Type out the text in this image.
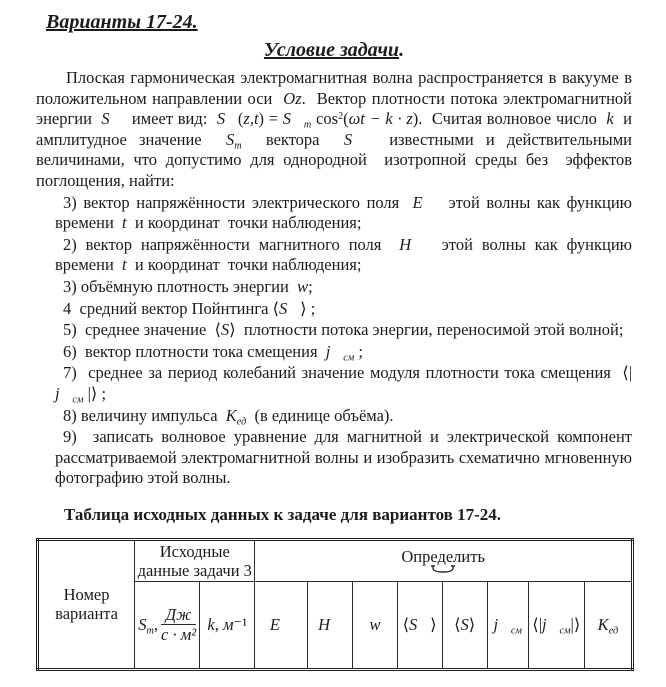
Варианты 17-24.
Условие задачи.

Плоская гармоническая электромагнитная волна распространяется в вакууме в положительном направлении оси  Oz.  Вектор плотности потока электромагнитной энергии  S⃗  имеет вид:  S⃗(z,t) = $S⃗_m$ $\cos^2(\omega t - k \cdot z)$.  Считая волновое число  k  и амплитудное значение  $S_m$  вектора  S⃗  известными и действительными величинами, что допустимо для однородной  изотропной среды без  эффектов поглощения, найти:

3) вектор напряжённости электрического поля  E⃗  этой волны как функцию времени  t  и координат  точки наблюдения;

2) вектор напряжённости магнитного поля  H⃗  этой волны как функцию времени  t  и координат  точки наблюдения;

3) объёмную плотность энергии  w;

4  средний вектор Пойнтинга ⟨S⃗⟩ ;

5)  среднее значение  ⟨S⟩  плотности потока энергии, переносимой этой волной;

6)  вектор плотности тока смещения  $j⃗_{см}$ ;

7)  среднее за период колебаний значение модуля плотности тока смещения  ⟨| $j⃗_{см}$ |⟩ ;

8) величину импульса  $K_{ед}$  (в единице объёма).

9)  записать волновое уравнение для магнитной и электрической компонент рассматриваемой электромагнитной волны и изобразить схематично мгновенную фотографию этой волны.

Таблица исходных данных к задаче для вариантов 17-24.

Номер варианта	Исходные данные задачи 3		Определить							

	$S_m$, $\frac{Дж}{\text{с · м²}}$	k, м⁻¹	E⃗	H⃗	w	⟨S⃗⟩	⟨S⟩	$j⃗_{см}$	$⟨|j⃗_{см}|⟩$	$K_{ед}$
